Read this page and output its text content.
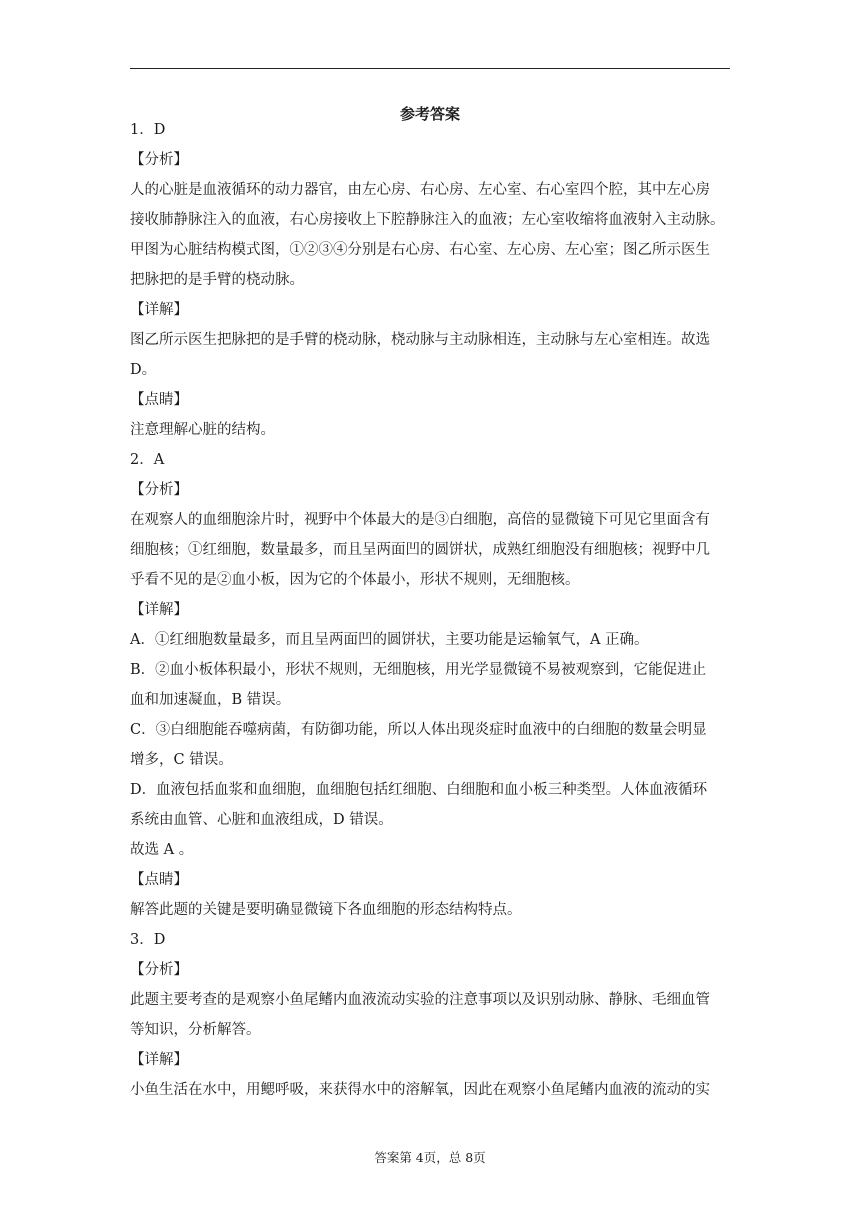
参考答案
1．D
【分析】
人的心脏是血液循环的动力器官，由左心房、右心房、左心室、右心室四个腔，其中左心房
接收肺静脉注入的血液，右心房接收上下腔静脉注入的血液；左心室收缩将血液射入主动脉。
甲图为心脏结构模式图，①②③④分别是右心房、右心室、左心房、左心室；图乙所示医生
把脉把的是手臂的桡动脉。
【详解】
图乙所示医生把脉把的是手臂的桡动脉，桡动脉与主动脉相连，主动脉与左心室相连。故选
D。
【点睛】
注意理解心脏的结构。
2．A
【分析】
在观察人的血细胞涂片时，视野中个体最大的是③白细胞，高倍的显微镜下可见它里面含有
细胞核；①红细胞，数量最多，而且呈两面凹的圆饼状，成熟红细胞没有细胞核；视野中几
乎看不见的是②血小板，因为它的个体最小，形状不规则，无细胞核。
【详解】
A．①红细胞数量最多，而且呈两面凹的圆饼状，主要功能是运输氧气，A 正确。
B．②血小板体积最小，形状不规则，无细胞核，用光学显微镜不易被观察到，它能促进止
血和加速凝血，B 错误。
C．③白细胞能吞噬病菌，有防御功能，所以人体出现炎症时血液中的白细胞的数量会明显
增多，C 错误。
D．血液包括血浆和血细胞，血细胞包括红细胞、白细胞和血小板三种类型。人体血液循环
系统由血管、心脏和血液组成，D 错误。
故选 A 。
【点睛】
解答此题的关键是要明确显微镜下各血细胞的形态结构特点。
3．D
【分析】
此题主要考查的是观察小鱼尾鳍内血液流动实验的注意事项以及识别动脉、静脉、毛细血管
等知识，分析解答。
【详解】
小鱼生活在水中，用鳃呼吸，来获得水中的溶解氧，因此在观察小鱼尾鳍内血液的流动的实
答案第 4页，总 8页
